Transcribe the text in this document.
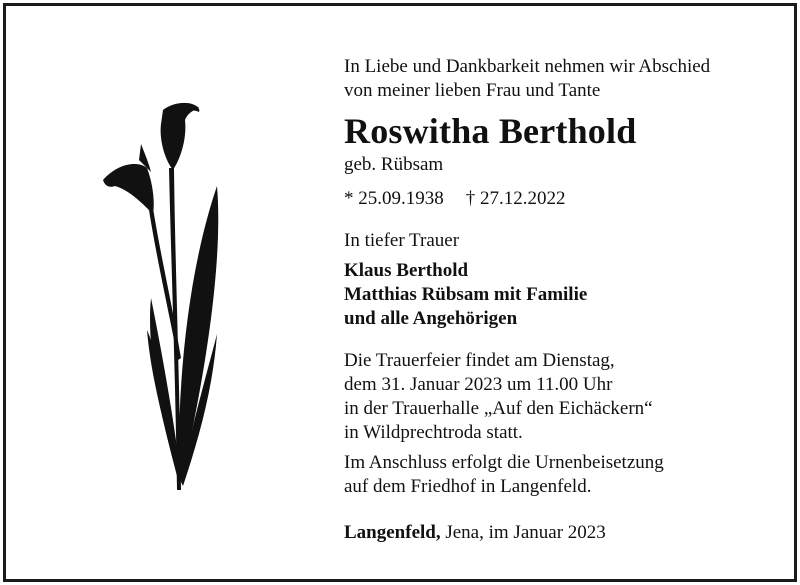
In Liebe und Dankbarkeit nehmen wir Abschied

von meiner lieben Frau und Tante

Roswitha Berthold

geb. Rübsam

* 25.09.1938 † 27.12.2022

In tiefer Trauer

Klaus Berthold

Matthias Rübsam mit Familie

und alle Angehörigen

Die Trauerfeier findet am Dienstag,

dem 31. Januar 2023 um 11.00 Uhr

in der Trauerhalle „Auf den Eichäckern“

in Wildprechtroda statt.

Im Anschluss erfolgt die Urnenbeisetzung

auf dem Friedhof in Langenfeld.

Langenfeld, Jena, im Januar 2023
